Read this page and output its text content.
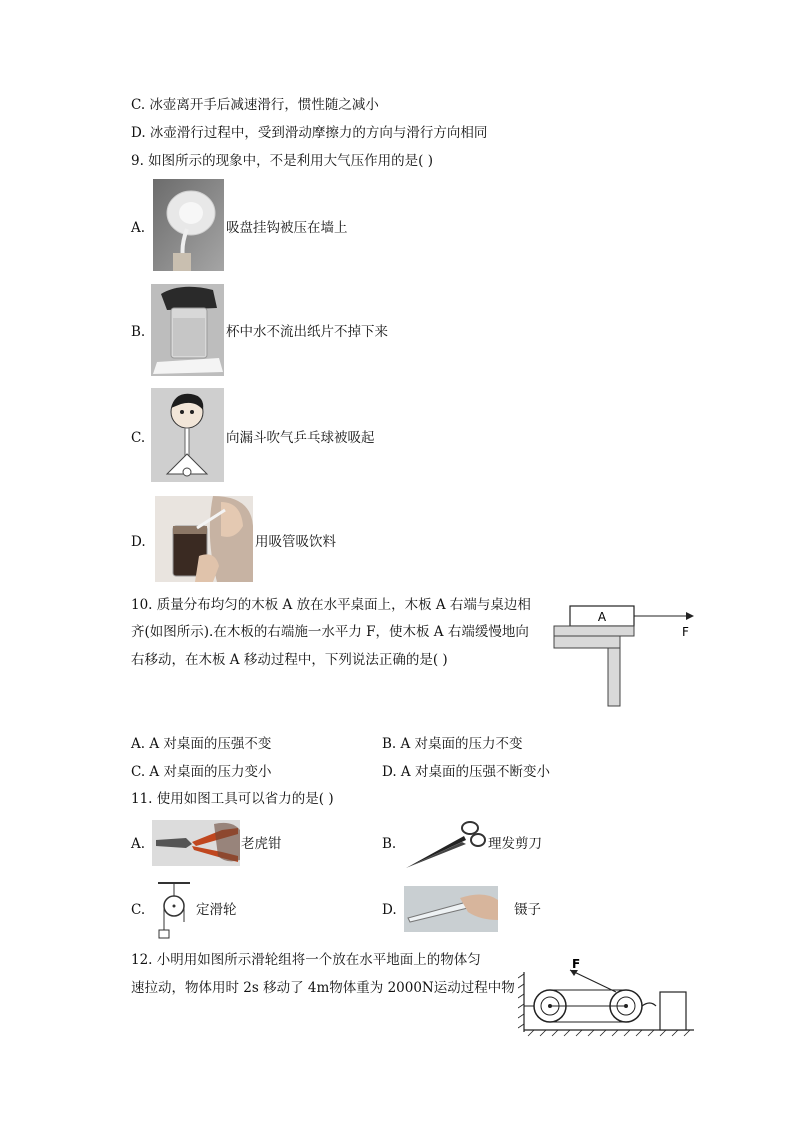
C. 冰壶离开手后减速滑行，惯性随之减小
D. 冰壶滑行过程中，受到滑动摩擦力的方向与滑行方向相同
9. 如图所示的现象中，不是利用大气压作用的是( )
A.	吸盘挂钩被压在墙上
B.	杯中水不流出纸片不掉下来
C.	向漏斗吹气乒乓球被吸起
D.	用吸管吸饮料
10. 质量分布均匀的木板 A 放在水平桌面上，木板 A 右端与桌边相
齐(如图所示).在木板的右端施一水平力 F，使木板 A 右端缓慢地向
右移动，在木板 A 移动过程中，下列说法正确的是( )
A
F
A. A 对桌面的压强不变	B. A 对桌面的压力不变
C. A 对桌面的压力变小	D. A 对桌面的压强不断变小
11. 使用如图工具可以省力的是( )
A.	老虎钳	B.	理发剪刀
C.	定滑轮	D.	镊子
12. 小明用如图所示滑轮组将一个放在水平地面上的物体匀
速拉动，物体用时 2s 移动了 4m物体重为 2000N运动过程中物
F
